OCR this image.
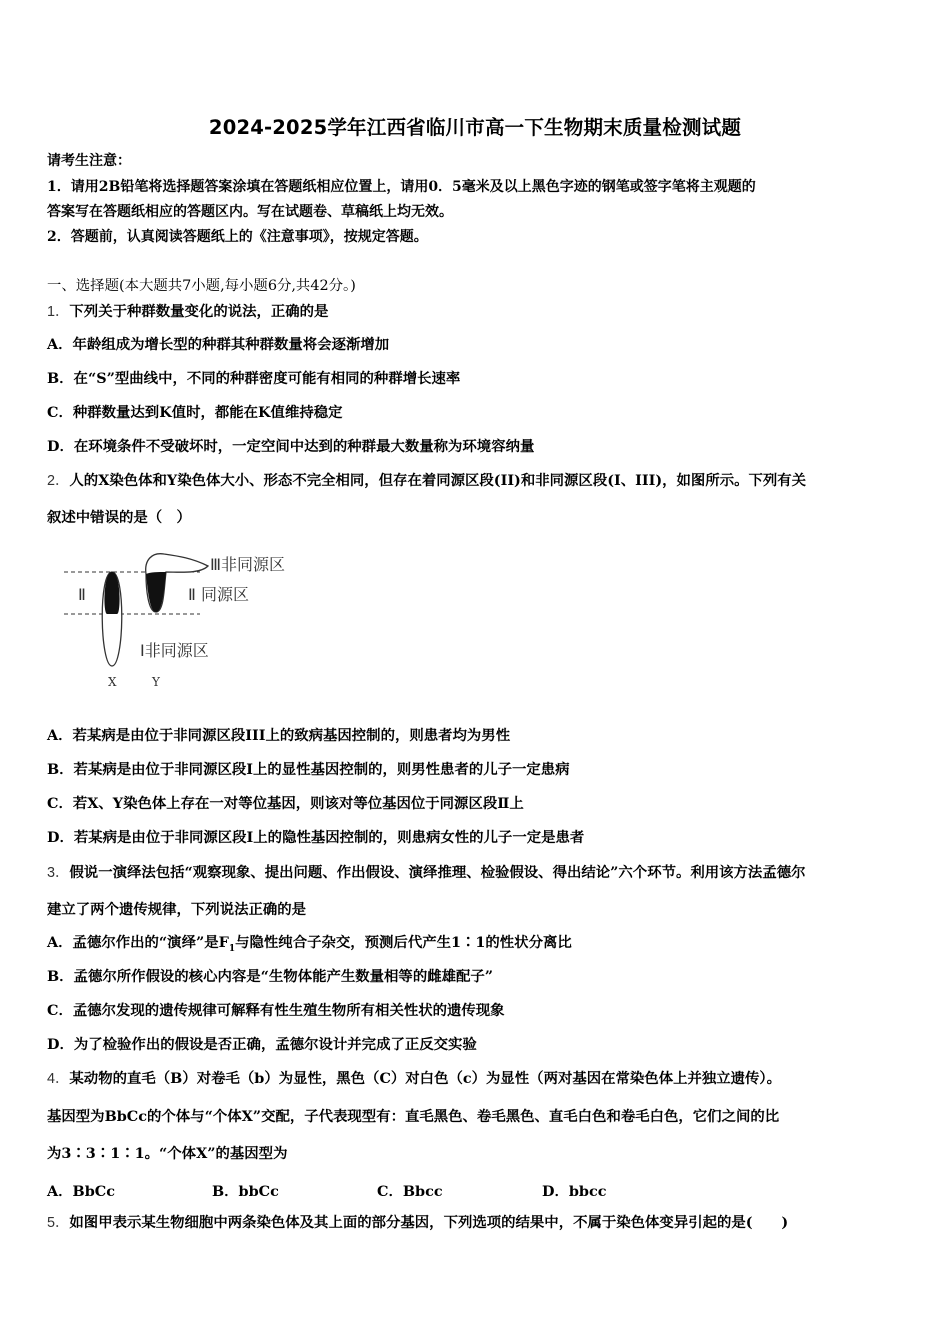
2024-2025学年江西省临川市高一下生物期末质量检测试题
请考生注意：
1．请用2B铅笔将选择题答案涂填在答题纸相应位置上，请用0．5毫米及以上黑色字迹的钢笔或签字笔将主观题的
答案写在答题纸相应的答题区内。写在试题卷、草稿纸上均无效。
2．答题前，认真阅读答题纸上的《注意事项》，按规定答题。
一、选择题(本大题共7小题,每小题6分,共42分。)
1．下列关于种群数量变化的说法，正确的是
A．年龄组成为增长型的种群其种群数量将会逐渐增加
B．在“S”型曲线中，不同的种群密度可能有相同的种群增长速率
C．种群数量达到K值时，都能在K值维持稳定
D．在环境条件不受破坏时，一定空间中达到的种群最大数量称为环境容纳量
2．人的X染色体和Y染色体大小、形态不完全相同，但存在着同源区段(II)和非同源区段(I、III)，如图所示。下列有关
叙述中错误的是（　）
Ⅱ
Ⅲ非同源区
Ⅱ 同源区
Ⅰ非同源区
X	Y
A．若某病是由位于非同源区段III上的致病基因控制的，则患者均为男性
B．若某病是由位于非同源区段Ⅰ上的显性基因控制的，则男性患者的儿子一定患病
C．若X、Y染色体上存在一对等位基因，则该对等位基因位于同源区段Ⅱ上
D．若某病是由位于非同源区段I上的隐性基因控制的，则患病女性的儿子一定是患者
3．假说一演绎法包括“观察现象、提出问题、作出假设、演绎推理、检验假设、得出结论”六个环节。利用该方法孟德尔
建立了两个遗传规律，下列说法正确的是
A．孟德尔作出的“演绎”是$F_1$与隐性纯合子杂交，预测后代产生1∶1的性状分离比
B．孟德尔所作假设的核心内容是“生物体能产生数量相等的雌雄配子”
C．孟德尔发现的遗传规律可解释有性生殖生物所有相关性状的遗传现象
D．为了检验作出的假设是否正确，孟德尔设计并完成了正反交实验
4．某动物的直毛（B）对卷毛（b）为显性，黑色（C）对白色（c）为显性（两对基因在常染色体上并独立遗传）。
基因型为BbCc的个体与“个体X”交配，子代表现型有：直毛黑色、卷毛黑色、直毛白色和卷毛白色，它们之间的比
为3∶3∶1∶1。“个体X”的基因型为
A．BbCc	B．bbCc	C．Bbcc	D．bbcc
5．如图甲表示某生物细胞中两条染色体及其上面的部分基因，下列选项的结果中，不属于染色体变异引起的是(　　)
